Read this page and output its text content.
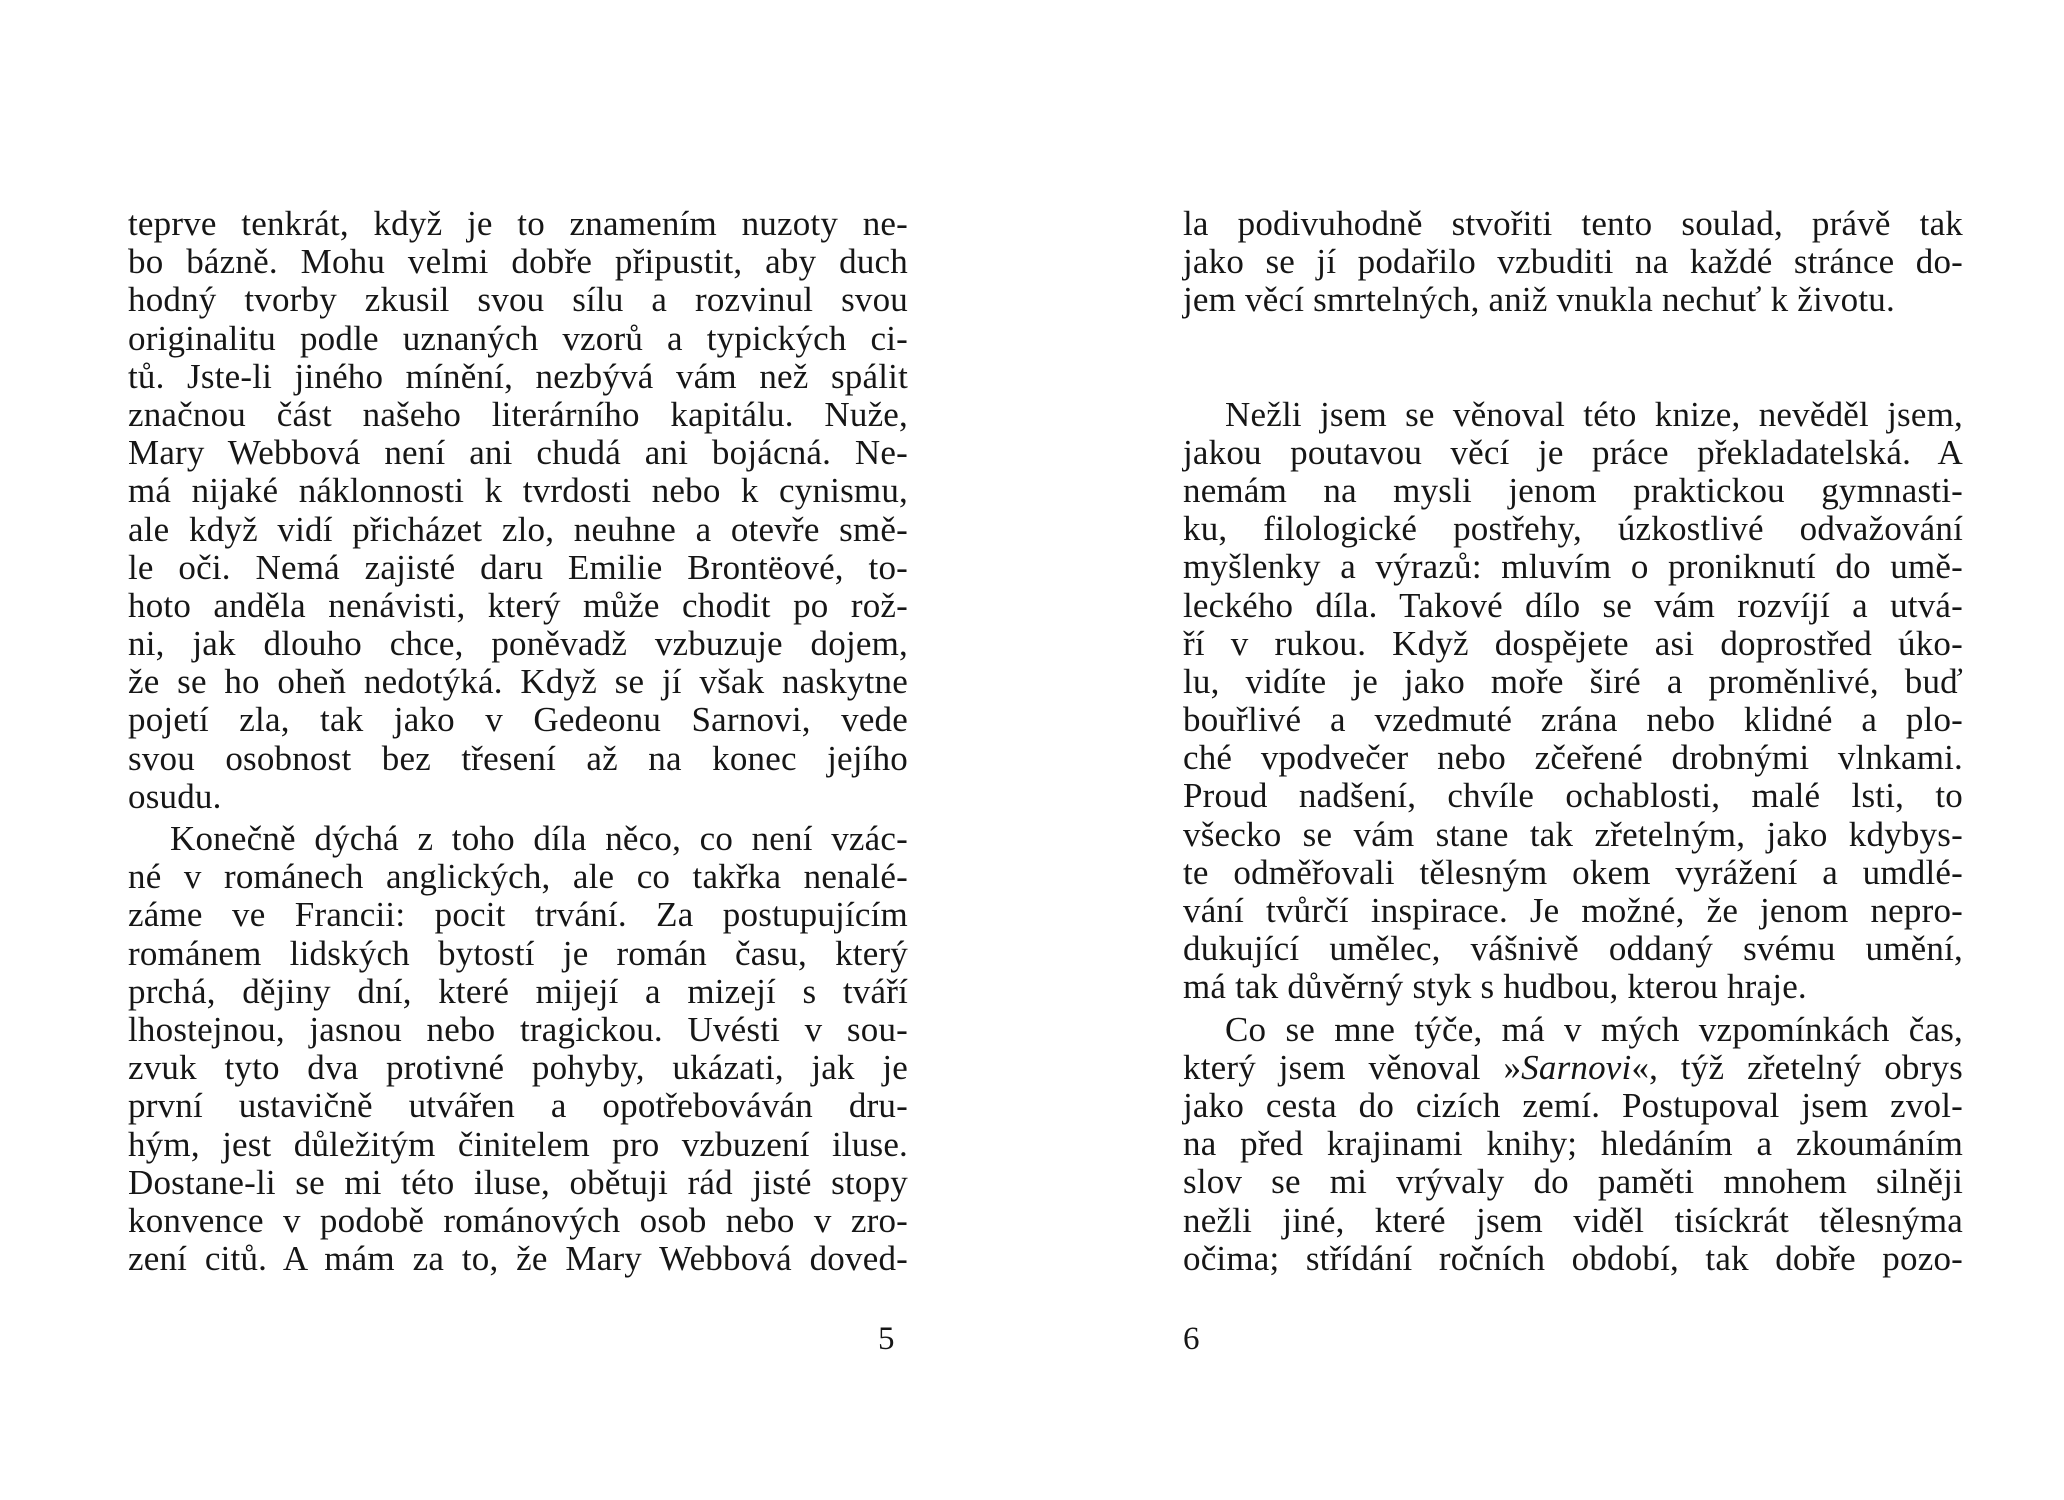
teprve tenkrát, když je to znamením nuzoty ne-
bo bázně. Mohu velmi dobře připustit, aby duch
hodný tvorby zkusil svou sílu a rozvinul svou
originalitu podle uznaných vzorů a typických ci-
tů. Jste-li jiného mínění, nezbývá vám než spálit
značnou část našeho literárního kapitálu. Nuže,
Mary Webbová není ani chudá ani bojácná. Ne-
má nijaké náklonnosti k tvrdosti nebo k cynismu,
ale když vidí přicházet zlo, neuhne a otevře smě-
le oči. Nemá zajisté daru Emilie Brontëové, to-
hoto anděla nenávisti, který může chodit po rož-
ni, jak dlouho chce, poněvadž vzbuzuje dojem,
že se ho oheň nedotýká. Když se jí však naskytne
pojetí zla, tak jako v Gedeonu Sarnovi, vede
svou osobnost bez třesení až na konec jejího
osudu.
Konečně dýchá z toho díla něco, co není vzác-
né v románech anglických, ale co takřka nenalé-
záme ve Francii: pocit trvání. Za postupujícím
románem lidských bytostí je román času, který
prchá, dějiny dní, které mijejí a mizejí s tváří
lhostejnou, jasnou nebo tragickou. Uvésti v sou-
zvuk tyto dva protivné pohyby, ukázati, jak je
první ustavičně utvářen a opotřebováván dru-
hým, jest důležitým činitelem pro vzbuzení iluse.
Dostane-li se mi této iluse, obětuji rád jisté stopy
konvence v podobě románových osob nebo v zro-
zení citů. A mám za to, že Mary Webbová doved-
5
la podivuhodně stvořiti tento soulad, právě tak
jako se jí podařilo vzbuditi na každé stránce do-
jem věcí smrtelných, aniž vnukla nechuť k životu.
Nežli jsem se věnoval této knize, nevěděl jsem,
jakou poutavou věcí je práce překladatelská. A
nemám na mysli jenom praktickou gymnasti-
ku, filologické postřehy, úzkostlivé odvažování
myšlenky a výrazů: mluvím o proniknutí do umě-
leckého díla. Takové dílo se vám rozvíjí a utvá-
ří v rukou. Když dospějete asi doprostřed úko-
lu, vidíte je jako moře širé a proměnlivé, buď
bouřlivé a vzedmuté zrána nebo klidné a plo-
ché vpodvečer nebo zčeřené drobnými vlnkami.
Proud nadšení, chvíle ochablosti, malé lsti, to
všecko se vám stane tak zřetelným, jako kdybys-
te odměřovali tělesným okem vyrážení a umdlé-
vání tvůrčí inspirace. Je možné, že jenom nepro-
dukující umělec, vášnivě oddaný svému umění,
má tak důvěrný styk s hudbou, kterou hraje.
Co se mne týče, má v mých vzpomínkách čas,
který jsem věnoval »Sarnovi«, týž zřetelný obrys
jako cesta do cizích zemí. Postupoval jsem zvol-
na před krajinami knihy; hledáním a zkoumáním
slov se mi vrývaly do paměti mnohem silněji
nežli jiné, které jsem viděl tisíckrát tělesnýma
očima; střídání ročních období, tak dobře pozo-
6
